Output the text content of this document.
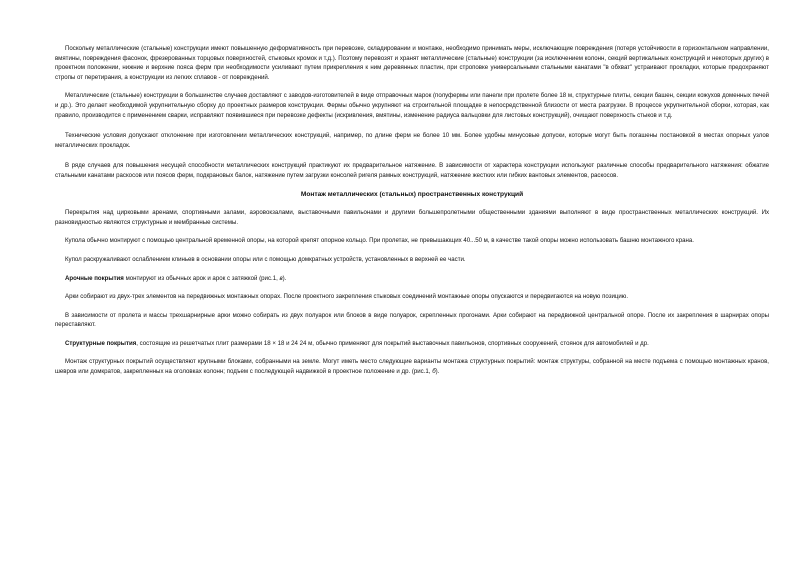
Поскольку металлические (стальные) конструкции имеют повышенную деформативность при перевозке, складировании и монтаже, необходимо принимать меры, исключающие повреждения (потеря устойчивости в горизонтальном направлении, вмятины, повреждения фасонок, фрезерованных торцовых поверхностей, стыковых кромок и т.д.). Поэтому перевозят и хранят металлические (стальные) конструкции (за исключением колонн, секций вертикальных конструкций и некоторых других) в проектном положении, нижние и верхние пояса ферм при необходимости усиливают путем прикрепления к ним деревянных пластин, при строповке универсальными стальными канатами "в обхват" устраивают прокладки, которые предохраняют стропы от перетирания, а конструкции из легких сплавов - от повреждений.

Металлические (стальные) конструкции в большинстве случаев доставляют с заводов-изготовителей в виде отправочных марок (полуфермы или панели при пролете более 18 м, структурные плиты, секции башен, секции кожухов доменных печей и др.). Это делает необходимой укрупнительную сборку до проектных размеров конструкции. Фермы обычно укрупняют на строительной площадке в непосредственной близости от места разгрузки. В процессе укрупнительной сборки, которая, как правило, производится с применением сварки, исправляют появившиеся при перевозке дефекты (искривления, вмятины, изменение радиуса вальцовки для листовых конструкций), очищают поверхность стыков и т.д.

Технические условия допускают отклонение при изготовлении металлических конструкций, например, по длине ферм не более 10 мм. Более удобны минусовые допуски, которые могут быть погашены постановкой в местах опорных узлов металлических прокладок.

В ряде случаев для повышения несущей способности металлических конструкций практикуют их предварительное натяжение. В зависимости от характера конструкции используют различные способы предварительного натяжения: обжатие стальными канатами раскосов или поясов ферм, подкрановых балок, натяжение путем загрузки консолей ригеля рамных конструкций, натяжение жестких или гибких вантовых элементов, раскосов.

Монтаж металлических (стальных) пространственных конструкций

Перекрытия над цирковыми аренами, спортивными залами, аэровокзалами, выставочными павильонами и другими большепролетными общественными зданиями выполняют в виде пространственных металлических конструкций. Их разновидностью являются структурные и мембранные системы.

Купола обычно монтируют с помощью центральной временной опоры, на которой крепят опорное кольцо. При пролетах, не превышающих 40...50 м, в качестве такой опоры можно использовать башню монтажного крана.

Купол раскружаливают ослаблением клиньев в основании опоры или с помощью домкратных устройств, установленных в верхней ее части.

Арочные покрытия монтируют из обычных арок и арок с затяжкой (рис.1, в).

Арки собирают из двух-трех элементов на передвижных монтажных опорах. После проектного закрепления стыковых соединений монтажные опоры опускаются и передвигаются на новую позицию.

В зависимости от пролета и массы трехшарнирные арки можно собирать из двух полуарок или блоков в виде полуарок, скрепленных прогонами. Арки собирают на передвижной центральной опоре. После их закрепления в шарнирах опоры переставляют.

Структурные покрытия, состоящие из решетчатых плит размерами 18 × 18 и 24 24 м, обычно применяют для покрытий выставочных павильонов, спортивных сооружений, стоянок для автомобилей и др.

Монтаж структурных покрытий осуществляют крупными блоками, собранными на земле. Могут иметь место следующие варианты монтажа структурных покрытий: монтаж структуры, собранной на месте подъема с помощью монтажных кранов, шевров или домкратов, закрепленных на оголовках колонн; подъем с последующей надвижкой в проектное положение и др. (рис.1, б).
